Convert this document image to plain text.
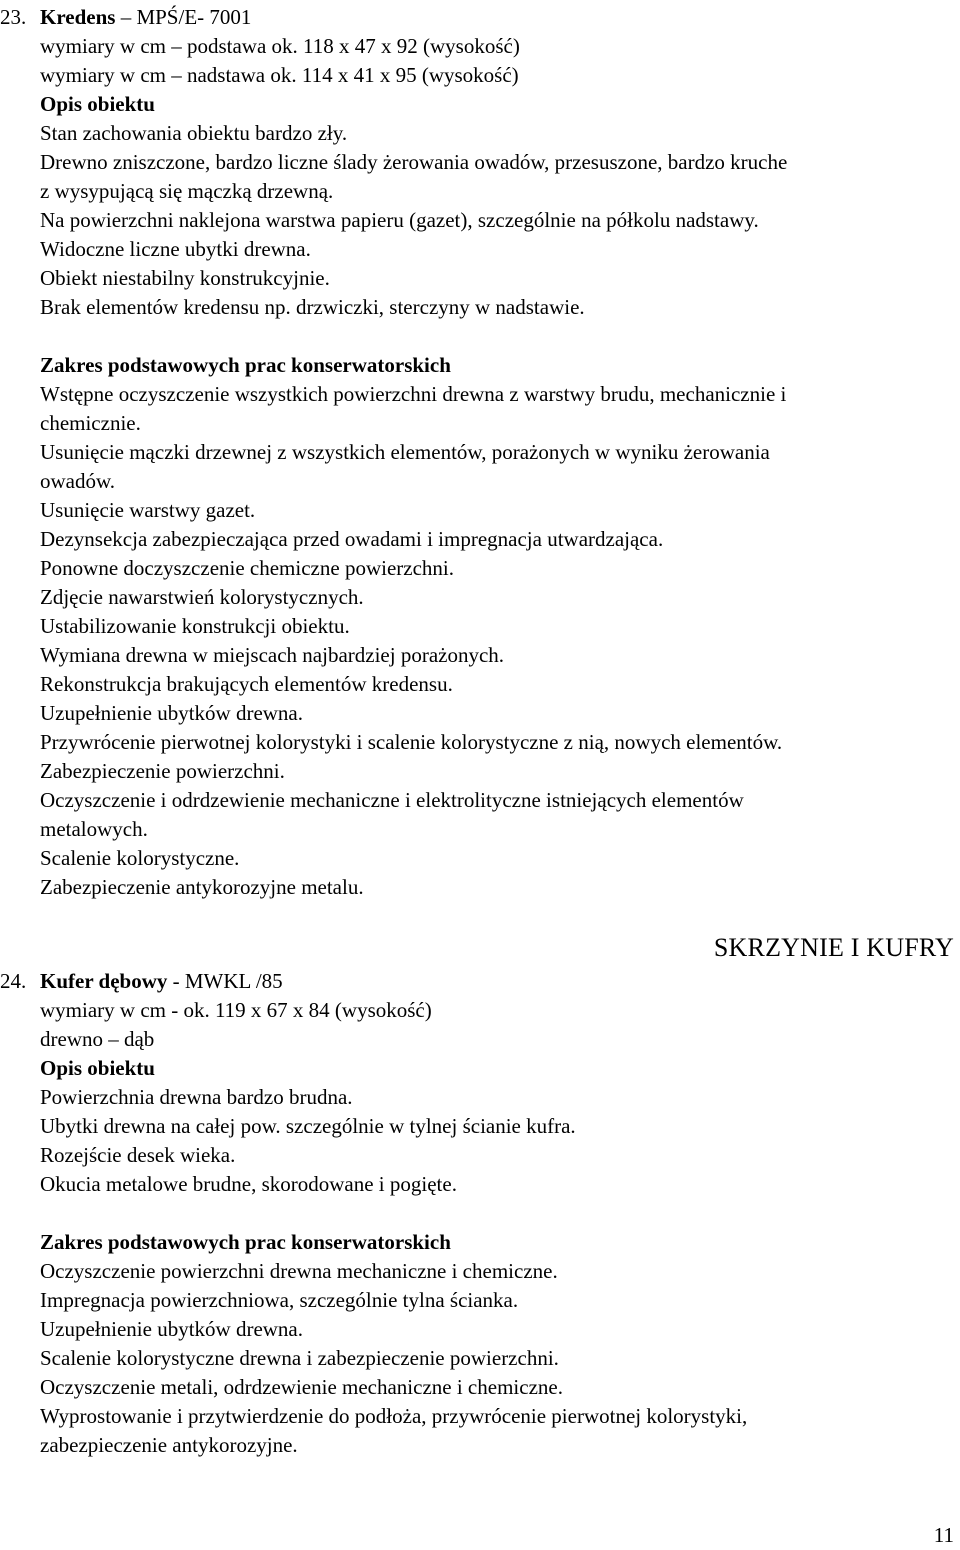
23. Kredens – MPŚ/E- 7001
wymiary w cm – podstawa ok. 118 x 47 x 92 (wysokość)
wymiary w cm – nadstawa ok. 114 x 41 x 95 (wysokość)
Opis obiektu
Stan zachowania obiektu bardzo zły.
Drewno zniszczone, bardzo liczne ślady żerowania owadów, przesuszone, bardzo kruche
z wysypującą się mączką drzewną.
Na powierzchni naklejona warstwa papieru (gazet), szczególnie na półkolu nadstawy.
Widoczne liczne ubytki drewna.
Obiekt niestabilny konstrukcyjnie.
Brak elementów kredensu np. drzwiczki, sterczyny w nadstawie.
Zakres podstawowych prac konserwatorskich
Wstępne oczyszczenie wszystkich powierzchni drewna z warstwy brudu, mechanicznie i
chemicznie.
Usunięcie mączki drzewnej z wszystkich elementów, porażonych w wyniku żerowania
owadów.
Usunięcie warstwy gazet.
Dezynsekcja zabezpieczająca przed owadami i impregnacja utwardzająca.
Ponowne doczyszczenie chemiczne powierzchni.
Zdjęcie nawarstwień kolorystycznych.
Ustabilizowanie konstrukcji obiektu.
Wymiana drewna w miejscach najbardziej porażonych.
Rekonstrukcja brakujących elementów kredensu.
Uzupełnienie ubytków drewna.
Przywrócenie pierwotnej kolorystyki i scalenie kolorystyczne z nią, nowych elementów.
Zabezpieczenie powierzchni.
Oczyszczenie i odrdzewienie mechaniczne i elektrolityczne istniejących elementów
metalowych.
Scalenie kolorystyczne.
Zabezpieczenie antykorozyjne metalu.
SKRZYNIE I KUFRY
24. Kufer dębowy - MWKL /85
wymiary w cm - ok. 119 x 67 x 84 (wysokość)
drewno – dąb
Opis obiektu
Powierzchnia drewna bardzo brudna.
Ubytki drewna na całej pow. szczególnie w tylnej ścianie kufra.
Rozejście desek wieka.
Okucia metalowe brudne, skorodowane i pogięte.
Zakres podstawowych prac konserwatorskich
Oczyszczenie powierzchni drewna mechaniczne i chemiczne.
Impregnacja powierzchniowa, szczególnie tylna ścianka.
Uzupełnienie ubytków drewna.
Scalenie kolorystyczne drewna i zabezpieczenie powierzchni.
Oczyszczenie metali, odrdzewienie mechaniczne i chemiczne.
Wyprostowanie i przytwierdzenie do podłoża, przywrócenie pierwotnej kolorystyki,
zabezpieczenie antykorozyjne.
11
